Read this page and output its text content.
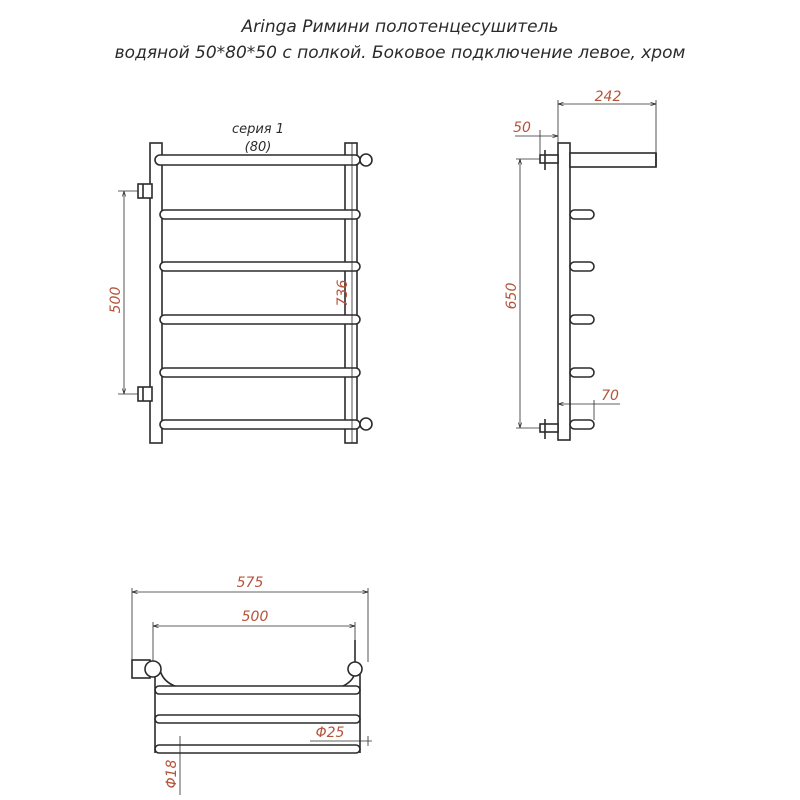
Aringa Римини полотенцесушитель
водяной 50*80*50 с полкой. Боковое подключение левое, хром
500	736
серия 1
(80)
242
50
650
70
575
500
Φ25
Φ18
